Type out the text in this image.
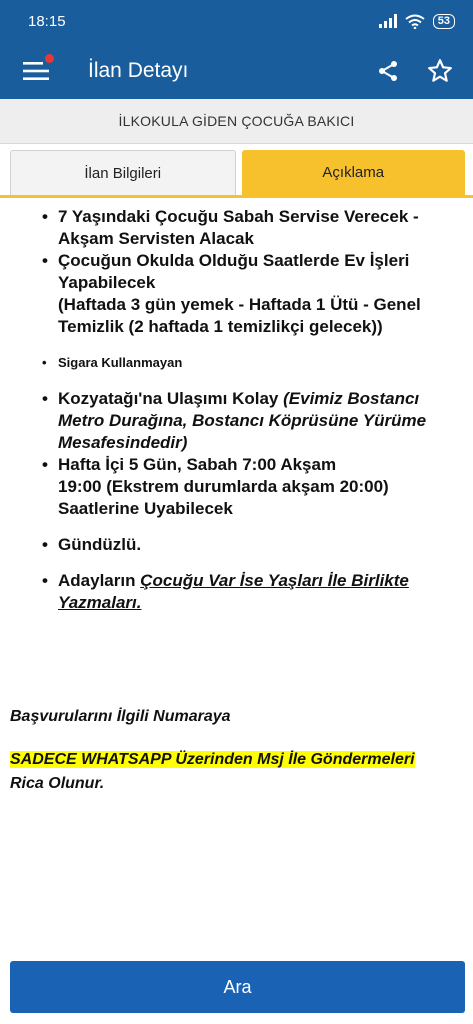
18:15	53
İlan Detayı
İLKOKULA GİDEN ÇOCUĞA BAKICI
İlan Bilgileri	Açıklama
• 7 Yaşındaki Çocuğu Sabah Servise Verecek -
Akşam Servisten Alacak
• Çocuğun Okulda Olduğu Saatlerde Ev İşleri
Yapabilecek
(Haftada 3 gün yemek - Haftada 1 Ütü - Genel
Temizlik (2 haftada 1 temizlikçi gelecek))
• Sigara Kullanmayan
• Kozyatağı'na Ulaşımı Kolay (Evimiz Bostancı
Metro Durağına, Bostancı Köprüsüne Yürüme
Mesafesindedir)
• Hafta İçi 5 Gün, Sabah 7:00 Akşam
19:00 (Ekstrem durumlarda akşam 20:00)
Saatlerine Uyabilecek
• Gündüzlü.
• Adayların Çocuğu Var İse Yaşları İle Birlikte
Yazmaları.
Başvurularını İlgili Numaraya
SADECE WHATSAPP Üzerinden Msj İle Göndermeleri
Rica Olunur.
Ara
